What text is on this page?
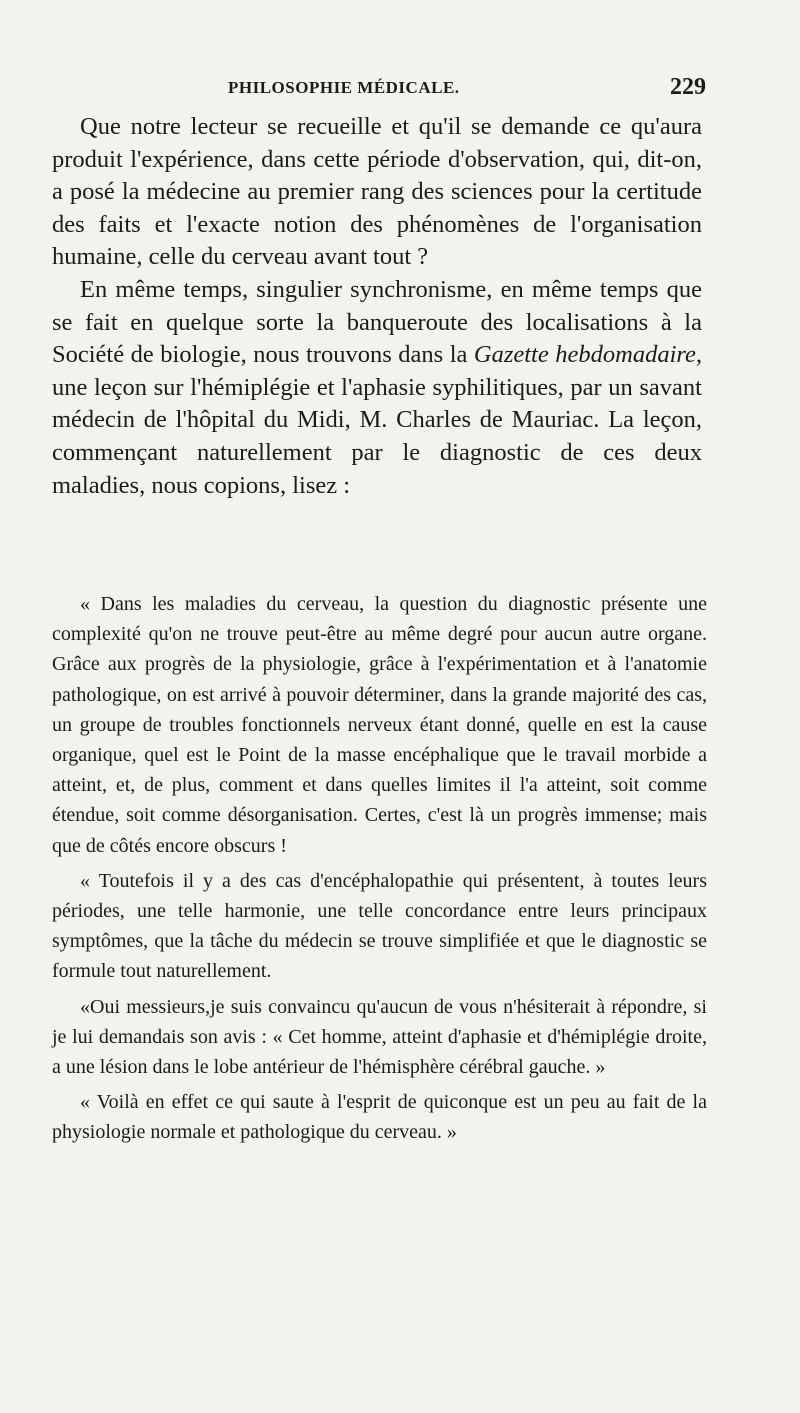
PHILOSOPHIE MÉDICALE.	229

Que notre lecteur se recueille et qu'il se demande ce qu'aura produit l'expérience, dans cette période d'observation, qui, dit-on, a posé la médecine au premier rang des sciences pour la certitude des faits et l'exacte notion des phénomènes de l'organisation humaine, celle du cerveau avant tout ?

En même temps, singulier synchronisme, en même temps que se fait en quelque sorte la banqueroute des localisations à la Société de biologie, nous trouvons dans la Gazette hebdomadaire, une leçon sur l'hémiplégie et l'aphasie syphilitiques, par un savant médecin de l'hôpital du Midi, M. Charles de Mauriac. La leçon, commençant naturellement par le diagnostic de ces deux maladies, nous copions, lisez :

« Dans les maladies du cerveau, la question du diagnostic présente une complexité qu'on ne trouve peut-être au même degré pour aucun autre organe. Grâce aux progrès de la physiologie, grâce à l'expérimentation et à l'anatomie pathologique, on est arrivé à pouvoir déterminer, dans la grande majorité des cas, un groupe de troubles fonctionnels nerveux étant donné, quelle en est la cause organique, quel est le Point de la masse encéphalique que le travail morbide a atteint, et, de plus, comment et dans quelles limites il l'a atteint, soit comme étendue, soit comme désorganisation. Certes, c'est là un progrès immense; mais que de côtés encore obscurs !

« Toutefois il y a des cas d'encéphalopathie qui présentent, à toutes leurs périodes, une telle harmonie, une telle concordance entre leurs principaux symptômes, que la tâche du médecin se trouve simplifiée et que le diagnostic se formule tout naturellement.

«Oui messieurs,je suis convaincu qu'aucun de vous n'hésiterait à répondre, si je lui demandais son avis : « Cet homme, atteint d'aphasie et d'hémiplégie droite, a une lésion dans le lobe antérieur de l'hémisphère cérébral gauche. »

« Voilà en effet ce qui saute à l'esprit de quiconque est un peu au fait de la physiologie normale et pathologique du cerveau. »
